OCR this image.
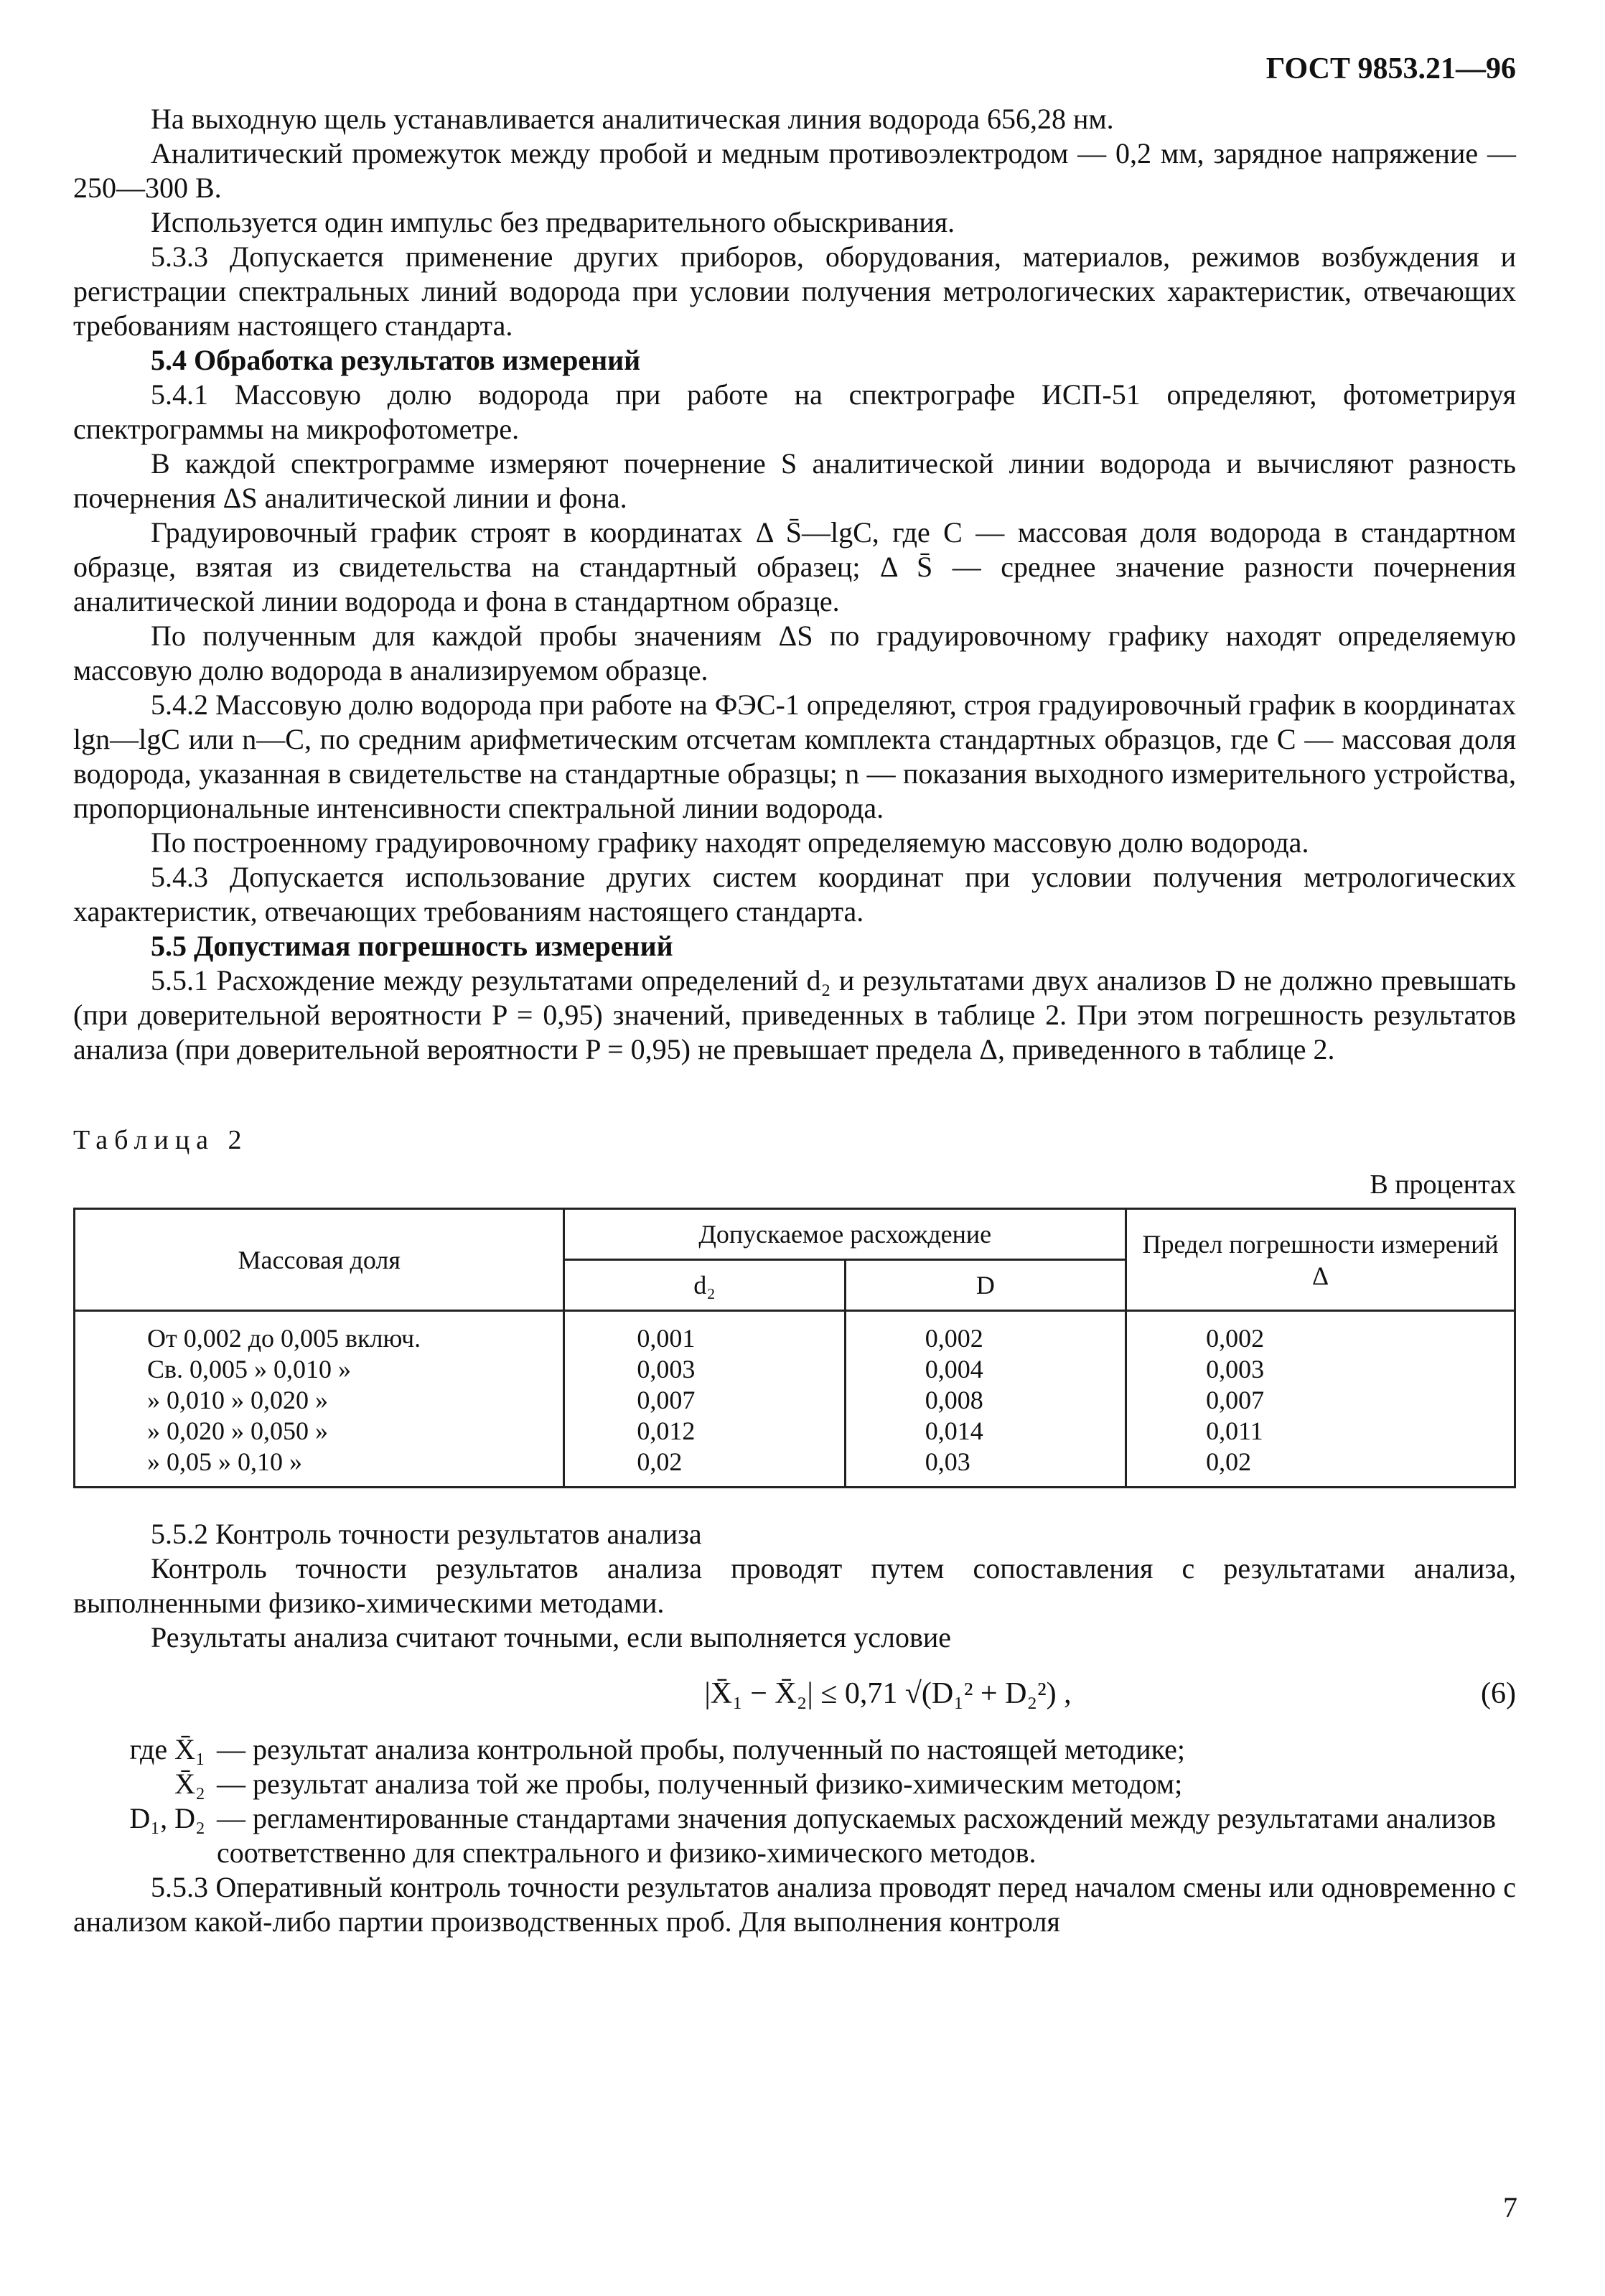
ГОСТ 9853.21—96

На выходную щель устанавливается аналитическая линия водорода 656,28 нм.

Аналитический промежуток между пробой и медным противоэлектродом — 0,2 мм, зарядное напряжение — 250—300 В.

Используется один импульс без предварительного обыскривания.

5.3.3 Допускается применение других приборов, оборудования, материалов, режимов возбуждения и регистрации спектральных линий водорода при условии получения метрологических характеристик, отвечающих требованиям настоящего стандарта.

5.4 Обработка результатов измерений

5.4.1 Массовую долю водорода при работе на спектрографе ИСП-51 определяют, фотометрируя спектрограммы на микрофотометре.

В каждой спектрограмме измеряют почернение S аналитической линии водорода и вычисляют разность почернения ΔS аналитической линии и фона.

Градуировочный график строят в координатах Δ S̄—lgC, где C — массовая доля водорода в стандартном образце, взятая из свидетельства на стандартный образец; Δ S̄ — среднее значение разности почернения аналитической линии водорода и фона в стандартном образце.

По полученным для каждой пробы значениям ΔS по градуировочному графику находят определяемую массовую долю водорода в анализируемом образце.

5.4.2 Массовую долю водорода при работе на ФЭС-1 определяют, строя градуировочный график в координатах lgn—lgC или n—C, по средним арифметическим отсчетам комплекта стандартных образцов, где C — массовая доля водорода, указанная в свидетельстве на стандартные образцы; n — показания выходного измерительного устройства, пропорциональные интенсивности спектральной линии водорода.

По построенному градуировочному графику находят определяемую массовую долю водорода.

5.4.3 Допускается использование других систем координат при условии получения метрологических характеристик, отвечающих требованиям настоящего стандарта.

5.5 Допустимая погрешность измерений

5.5.1 Расхождение между результатами определений d₂ и результатами двух анализов D не должно превышать (при доверительной вероятности P = 0,95) значений, приведенных в таблице 2. При этом погрешность результатов анализа (при доверительной вероятности P = 0,95) не превышает предела Δ, приведенного в таблице 2.

Таблица 2
В процентах
Массовая доля	Допускаемое расхождение		Предел погрешности измерений Δ
	d₂	D	
От 0,002 до 0,005 включ.	0,001	0,002	0,002
Св. 0,005 » 0,010 »	0,003	0,004	0,003
» 0,010 » 0,020 »	0,007	0,008	0,007
» 0,020 » 0,050 »	0,012	0,014	0,011
» 0,05 » 0,10 »	0,02	0,03	0,02

5.5.2 Контроль точности результатов анализа

Контроль точности результатов анализа проводят путем сопоставления с результатами анализа, выполненными физико-химическими методами.

Результаты анализа считают точными, если выполняется условие

|X̄₁ − X̄₂| ≤ 0,71 √(D₁² + D₂²) ,	(6)
где X̄₁ — результат анализа контрольной пробы, полученный по настоящей методике;
X̄₂ — результат анализа той же пробы, полученный физико-химическим методом;
D₁, D₂ — регламентированные стандартами значения допускаемых расхождений между результатами анализов соответственно для спектрального и физико-химического методов.

5.5.3 Оперативный контроль точности результатов анализа проводят перед началом смены или одновременно с анализом какой-либо партии производственных проб. Для выполнения контроля

7
